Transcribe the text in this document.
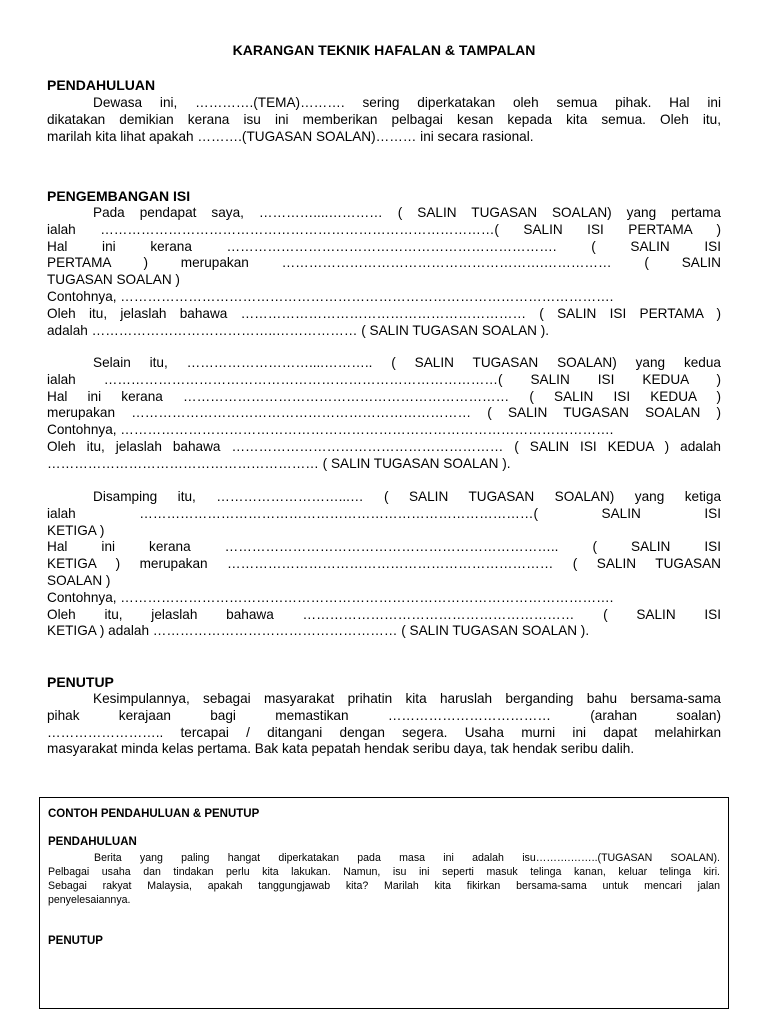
KARANGAN TEKNIK HAFALAN & TAMPALAN
PENDAHULUAN
Dewasa ini, ………….(TEMA)………. sering diperkatakan oleh semua pihak. Hal ini
dikatakan demikian kerana isu ini memberikan pelbagai kesan kepada kita semua. Oleh itu,
marilah kita lihat apakah ……….(TUGASAN SOALAN)……… ini secara rasional.
PENGEMBANGAN ISI
Pada pendapat saya, …………....………… ( SALIN TUGASAN SOALAN) yang pertama
ialah ……………………………………………………………………………( SALIN ISI PERTAMA )
Hal ini kerana ………………………………………………………………. ( SALIN ISI
PERTAMA ) merupakan ………………………………………………….…………… ( SALIN
TUGASAN SOALAN )
Contohnya, ……………………………………………………………………………………………….
Oleh itu, jelaslah bahawa ……………………………………………………… ( SALIN ISI PERTAMA )
adalah …………………………………..……………… ( SALIN TUGASAN SOALAN ).
Selain itu, ………………………....……….. ( SALIN TUGASAN SOALAN) yang kedua
ialah ……………………………………………………………………………( SALIN ISI KEDUA )
Hal ini kerana ……………………………………………………………… ( SALIN ISI KEDUA )
merupakan ………………………………………………………………… ( SALIN TUGASAN SOALAN )
Contohnya, ……………………………………………………………………………………………….
Oleh itu, jelaslah bahawa …………………………………………………… ( SALIN ISI KEDUA ) adalah
…………………………………………………… ( SALIN TUGASAN SOALAN ).
Disamping itu, ………………………...… ( SALIN TUGASAN SOALAN) yang ketiga
ialah ……………………………………………………………………………( SALIN ISI
KETIGA )
Hal ini kerana ……………………………………………………………….. ( SALIN ISI
KETIGA ) merupakan ……………………………………………………………… ( SALIN TUGASAN
SOALAN )
Contohnya, ……………………………………………………………………………………………….
Oleh itu, jelaslah bahawa …………………………………………………… ( SALIN ISI
KETIGA ) adalah ……………………………………………… ( SALIN TUGASAN SOALAN ).
PENUTUP
Kesimpulannya, sebagai masyarakat prihatin kita haruslah berganding bahu bersama-sama
pihak kerajaan bagi memastikan ……………………………… (arahan soalan)
…………………….. tercapai / ditangani dengan segera. Usaha murni ini dapat melahirkan
masyarakat minda kelas pertama. Bak kata pepatah hendak seribu daya, tak hendak seribu dalih.
CONTOH PENDAHULUAN & PENUTUP
PENDAHULUAN
Berita yang paling hangat diperkatakan pada masa ini adalah isu……….……..(TUGASAN SOALAN).
Pelbagai usaha dan tindakan perlu kita lakukan. Namun, isu ini seperti masuk telinga kanan, keluar telinga kiri.
Sebagai rakyat Malaysia, apakah tanggungjawab kita? Marilah kita fikirkan bersama-sama untuk mencari jalan
penyelesaiannya.
PENUTUP
